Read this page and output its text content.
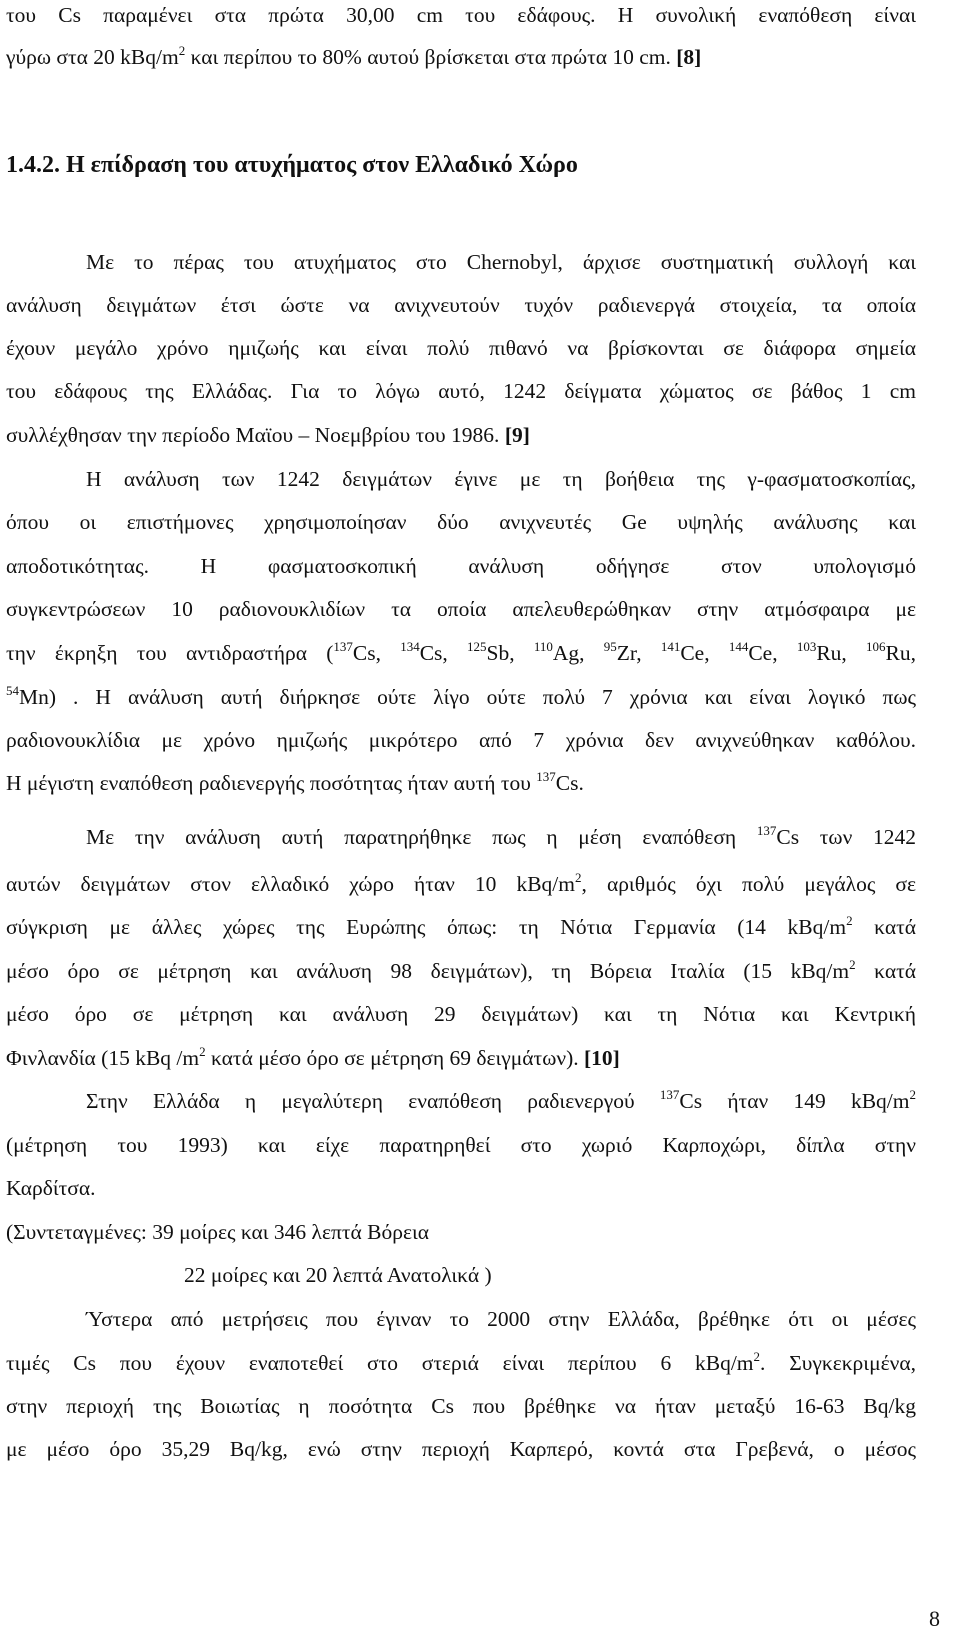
του Cs παραμένει στα πρώτα 30,00 cm του εδάφους. Η συνολική εναπόθεση είναι
γύρω στα 20 kBq/$m^2$ και περίπου το 80% αυτού βρίσκεται στα πρώτα 10 cm. [8]
1.4.2. Η επίδραση του ατυχήματος στον Ελλαδικό Χώρο
Με το πέρας του ατυχήματος στο Chernobyl, άρχισε συστηματική συλλογή και
ανάλυση δειγμάτων έτσι ώστε να ανιχνευτούν τυχόν ραδιενεργά στοιχεία, τα οποία
έχουν μεγάλο χρόνο ημιζωής και είναι πολύ πιθανό να βρίσκονται σε διάφορα σημεία
του εδάφους της Ελλάδας. Για το λόγω αυτό, 1242 δείγματα χώματος σε βάθος 1 cm
συλλέχθησαν την περίοδο Μαϊου – Νοεμβρίου του 1986. [9]
Η ανάλυση των 1242 δειγμάτων έγινε με τη βοήθεια της γ-φασματοσκοπίας,
όπου οι επιστήμονες χρησιμοποίησαν δύο ανιχνευτές Ge υψηλής ανάλυσης και
αποδοτικότητας. Η φασματοσκοπική ανάλυση οδήγησε στον υπολογισμό
συγκεντρώσεων 10 ραδιονουκλιδίων τα οποία απελευθερώθηκαν στην ατμόσφαιρα με
την έκρηξη του αντιδραστήρα ($^{137}$Cs, $^{134}$Cs, $^{125}$Sb, $^{110}$Ag, $^{95}$Zr, $^{141}$Ce, $^{144}$Ce, $^{103}$Ru, $^{106}$Ru,
$^{54}$Mn) . Η ανάλυση αυτή διήρκησε ούτε λίγο ούτε πολύ 7 χρόνια και είναι λογικό πως
ραδιονουκλίδια με χρόνο ημιζωής μικρότερο από 7 χρόνια δεν ανιχνεύθηκαν καθόλου.
Η μέγιστη εναπόθεση ραδιενεργής ποσότητας ήταν αυτή του $^{137}$Cs.
Με την ανάλυση αυτή παρατηρήθηκε πως η μέση εναπόθεση $^{137}$Cs των 1242
αυτών δειγμάτων στον ελλαδικό χώρο ήταν 10 kBq/$m^2$, αριθμός όχι πολύ μεγάλος σε
σύγκριση με άλλες χώρες της Ευρώπης όπως: τη Νότια Γερμανία (14 kBq/$m^2$ κατά
μέσο όρο σε μέτρηση και ανάλυση 98 δειγμάτων), τη Βόρεια Ιταλία (15 kBq/$m^2$ κατά
μέσο όρο σε μέτρηση και ανάλυση 29 δειγμάτων) και τη Νότια και Κεντρική
Φινλανδία (15 kBq $/m^2$ κατά μέσο όρο σε μέτρηση 69 δειγμάτων). [10]
Στην Ελλάδα η μεγαλύτερη εναπόθεση ραδιενεργού $^{137}$Cs ήταν 149 kBq/$m^2$
(μέτρηση του 1993) και είχε παρατηρηθεί στο χωριό Καρποχώρι, δίπλα στην
Καρδίτσα.
(Συντεταγμένες: 39 μοίρες και 346 λεπτά Βόρεια
22 μοίρες και 20 λεπτά Ανατολικά )
Ύστερα από μετρήσεις που έγιναν το 2000 στην Ελλάδα, βρέθηκε ότι οι μέσες
τιμές Cs που έχουν εναποτεθεί στο στεριά είναι περίπου 6 kBq/$m^2$. Συγκεκριμένα,
στην περιοχή της Βοιωτίας η ποσότητα Cs που βρέθηκε να ήταν μεταξύ 16-63 Bq/kg
με μέσο όρο 35,29 Bq/kg, ενώ στην περιοχή Καρπερό, κοντά στα Γρεβενά, ο μέσος
8
